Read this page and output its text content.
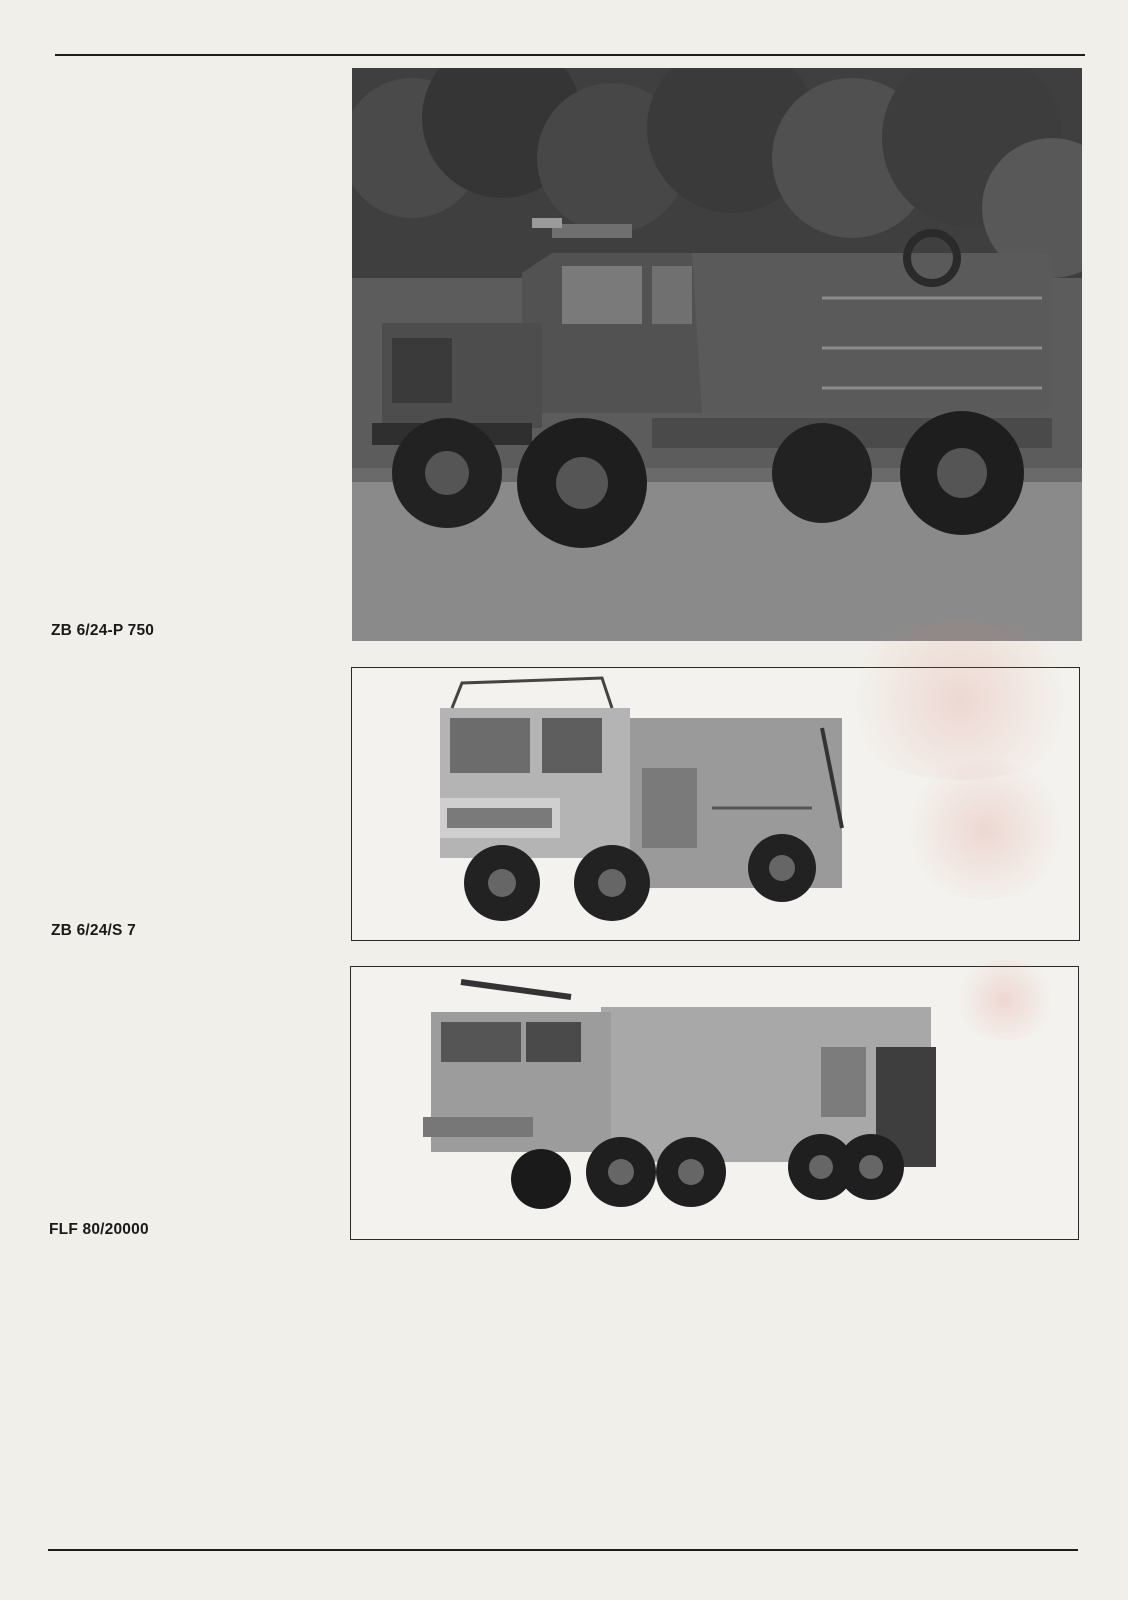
ZB 6/24-P 750
ZB 6/24/S 7
FLF 80/20000
